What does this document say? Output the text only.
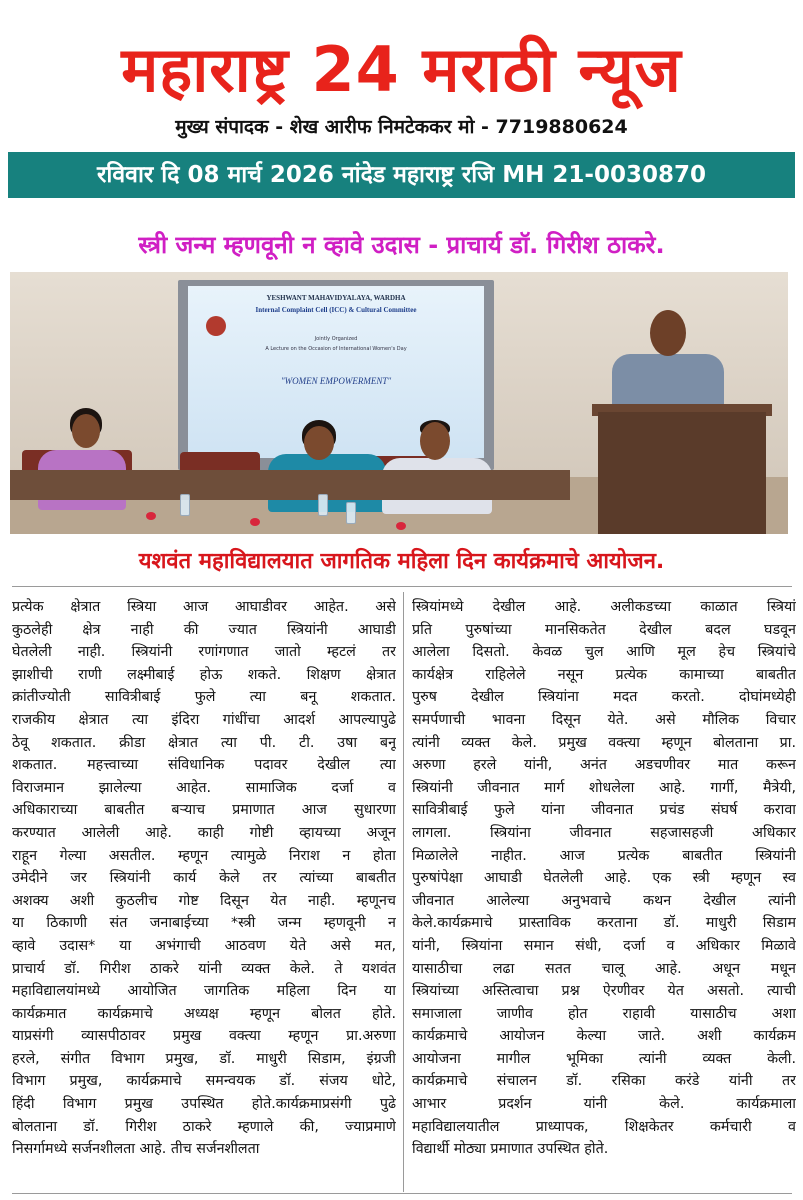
महाराष्ट्र 24 मराठी न्यूज
मुख्य संपादक - शेख आरीफ निमटेककर मो - 7719880624
रविवार दि 08 मार्च 2026 नांदेड महाराष्ट्र रजि MH 21-0030870
स्त्री जन्म म्हणवूनी न व्हावे उदास - प्राचार्य डॉ. गिरीश ठाकरे.
YESHWANT MAHAVIDYALAYA, WARDHA
Internal Complaint Cell (ICC) & Cultural Committee
Jointly Organized
A Lecture on the Occasion of International Women's Day
"WOMEN EMPOWERMENT"
यशवंत महाविद्यालयात जागतिक महिला दिन कार्यक्रमाचे आयोजन.
प्रत्येक क्षेत्रात स्त्रिया आज आघाडीवर आहेत. असे
कुठलेही क्षेत्र नाही की ज्यात स्त्रियांनी आघाडी
घेतलेली नाही. स्त्रियांनी रणांगणात जातो म्हटलं तर
झाशीची राणी लक्ष्मीबाई होऊ शकते. शिक्षण क्षेत्रात
क्रांतीज्योती सावित्रीबाई फुले त्या बनू शकतात.
राजकीय क्षेत्रात त्या इंदिरा गांधींचा आदर्श आपल्यापुढे
ठेवू शकतात. क्रीडा क्षेत्रात त्या पी. टी. उषा बनू
शकतात. महत्त्वाच्या संविधानिक पदावर देखील त्या
विराजमान झालेल्या आहेत. सामाजिक दर्जा व
अधिकाराच्या बाबतीत बऱ्याच प्रमाणात आज सुधारणा
करण्यात आलेली आहे. काही गोष्टी व्हायच्या अजून
राहून गेल्या असतील. म्हणून त्यामुळे निराश न होता
उमेदीने जर स्त्रियांनी कार्य केले तर त्यांच्या बाबतीत
अशक्य अशी कुठलीच गोष्ट दिसून येत नाही. म्हणूनच
या ठिकाणी संत जनाबाईच्या *स्त्री जन्म म्हणवूनी न
व्हावे उदास* या अभंगाची आठवण येते असे मत,
प्राचार्य डॉ. गिरीश ठाकरे यांनी व्यक्त केले. ते यशवंत
महाविद्यालयांमध्ये आयोजित जागतिक महिला दिन या
कार्यक्रमात कार्यक्रमाचे अध्यक्ष म्हणून बोलत होते.
याप्रसंगी व्यासपीठावर प्रमुख वक्त्या म्हणून प्रा.अरुणा
हरले, संगीत विभाग प्रमुख, डॉ. माधुरी सिडाम, इंग्रजी
विभाग प्रमुख, कार्यक्रमाचे समन्वयक डॉ. संजय धोटे,
हिंदी विभाग प्रमुख उपस्थित होते.कार्यक्रमाप्रसंगी पुढे
बोलताना डॉ. गिरीश ठाकरे म्हणाले की, ज्याप्रमाणे
निसर्गामध्ये सर्जनशीलता आहे. तीच सर्जनशीलता
स्त्रियांमध्ये देखील आहे. अलीकडच्या काळात स्त्रियां
प्रति पुरुषांच्या मानसिकतेत देखील बदल घडवून
आलेला दिसतो. केवळ चुल आणि मूल हेच स्त्रियांचे
कार्यक्षेत्र राहिलेले नसून प्रत्येक कामाच्या बाबतीत
पुरुष देखील स्त्रियांना मदत करतो. दोघांमध्येही
समर्पणाची भावना दिसून येते. असे मौलिक विचार
त्यांनी व्यक्त केले. प्रमुख वक्त्या म्हणून बोलताना प्रा.
अरुणा हरले यांनी, अनंत अडचणीवर मात करून
स्त्रियांनी जीवनात मार्ग शोधलेला आहे. गार्गी, मैत्रेयी,
सावित्रीबाई फुले यांना जीवनात प्रचंड संघर्ष करावा
लागला. स्त्रियांना जीवनात सहजासहजी अधिकार
मिळालेले नाहीत. आज प्रत्येक बाबतीत स्त्रियांनी
पुरुषांपेक्षा आघाडी घेतलेली आहे. एक स्त्री म्हणून स्व
जीवनात आलेल्या अनुभवाचे कथन देखील त्यांनी
केले.कार्यक्रमाचे प्रास्ताविक करताना डॉ. माधुरी सिडाम
यांनी, स्त्रियांना समान संधी, दर्जा व अधिकार मिळावे
यासाठीचा लढा सतत चालू आहे. अधून मधून
स्त्रियांच्या अस्तित्वाचा प्रश्न ऐरणीवर येत असतो. त्याची
समाजाला जाणीव होत राहावी यासाठीच अशा
कार्यक्रमाचे आयोजन केल्या जाते. अशी कार्यक्रम
आयोजना मागील भूमिका त्यांनी व्यक्त केली.
कार्यक्रमाचे संचालन डॉ. रसिका करंडे यांनी तर
आभार प्रदर्शन यांनी केले. कार्यक्रमाला
महाविद्यालयातील प्राध्यापक, शिक्षकेतर कर्मचारी व
विद्यार्थी मोठ्या प्रमाणात उपस्थित होते.
